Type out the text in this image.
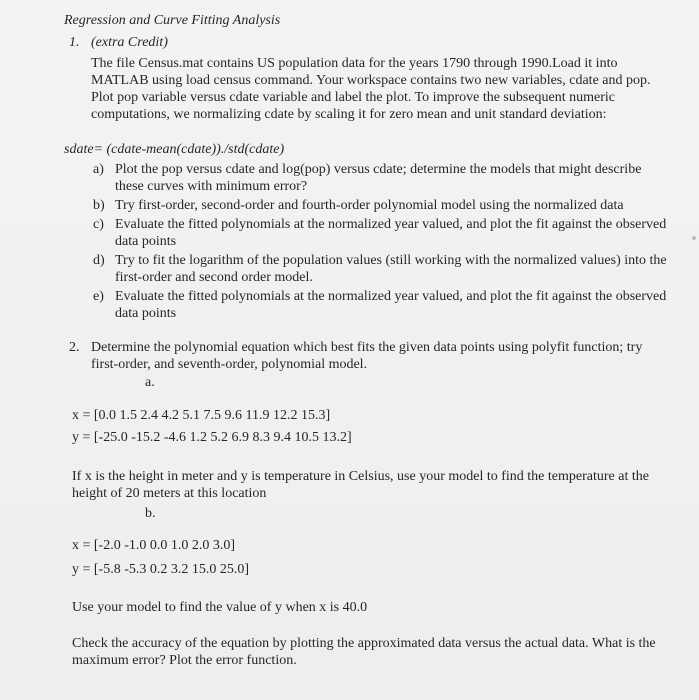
Regression and Curve Fitting Analysis
1. (extra Credit)
The file Census.mat contains US population data for the years 1790 through 1990.Load it into MATLAB using load census command. Your workspace contains two new variables, cdate and pop. Plot pop variable versus cdate variable and label the plot. To improve the subsequent numeric computations, we normalizing cdate by scaling it for zero mean and unit standard deviation:
sdate= (cdate-mean(cdate))./std(cdate)
a) Plot the pop versus cdate and log(pop) versus cdate; determine the models that might describe these curves with minimum error?
b) Try first-order, second-order and fourth-order polynomial model using the normalized data
c) Evaluate the fitted polynomials at the normalized year valued, and plot the fit against the observed data points
d) Try to fit the logarithm of the population values (still working with the normalized values) into the first-order and second order model.
e) Evaluate the fitted polynomials at the normalized year valued, and plot the fit against the observed data points
2. Determine the polynomial equation which best fits the given data points using polyfit function; try first-order, and seventh-order, polynomial model.
a.
x = [0.0 1.5 2.4 4.2 5.1 7.5 9.6 11.9 12.2 15.3]
y = [-25.0 -15.2 -4.6 1.2 5.2 6.9 8.3 9.4 10.5 13.2]
If x is the height in meter and y is temperature in Celsius, use your model to find the temperature at the height of 20 meters at this location
b.
x = [-2.0 -1.0 0.0 1.0 2.0 3.0]
y = [-5.8 -5.3 0.2 3.2 15.0 25.0]
Use your model to find the value of y when x is 40.0
Check the accuracy of the equation by plotting the approximated data versus the actual data. What is the maximum error? Plot the error function.
